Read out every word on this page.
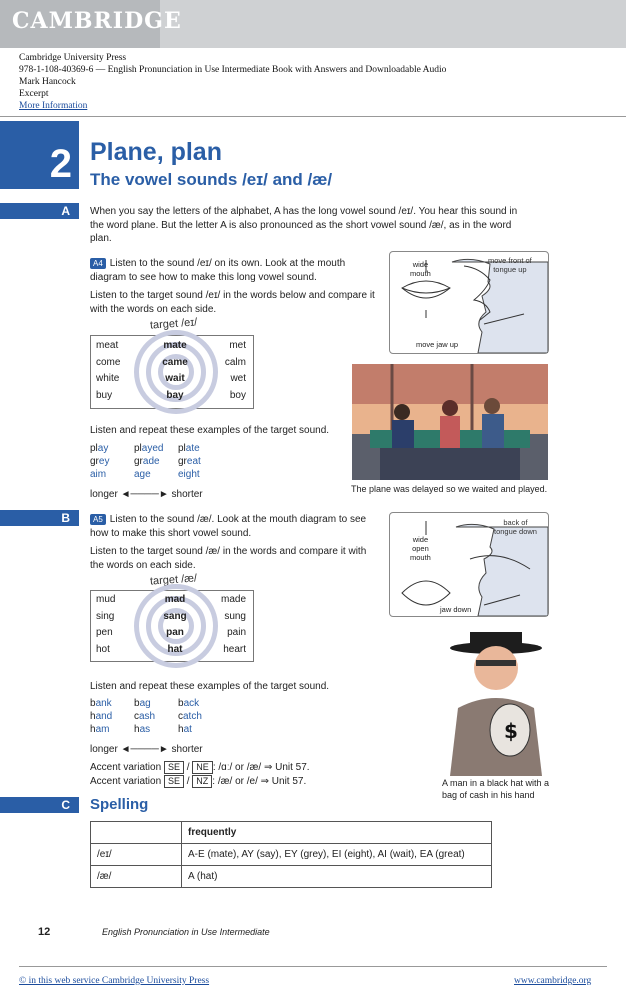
CAMBRIDGE
Cambridge University Press
978-1-108-40369-6 — English Pronunciation in Use Intermediate Book with Answers and Downloadable Audio
Mark Hancock
Excerpt
More Information
2 Plane, plan
The vowel sounds /eɪ/ and /æ/
A	When you say the letters of the alphabet, A has the long vowel sound /eɪ/. You hear this sound in the word plane. But the letter A is also pronounced as the short vowel sound /æ/, as in the word plan.
A4 Listen to the sound /eɪ/ on its own. Look at the mouth diagram to see how to make this long vowel sound.
Listen to the target sound /eɪ/ in the words below and compare it with the words on each side.
target /eɪ/
meat	mate	met
come	came	calm
white	wait	wet
buy	bay	boy
Listen and repeat these examples of the target sound.
play	played plate
grey grade great
aim	age	eight
longer ◄────► shorter
wide
mouth
move front of
tongue up
move jaw up
The plane was delayed so we waited and played.
B	A5 Listen to the sound /æ/. Look at the mouth diagram to see how to make this short vowel sound.
Listen to the target sound /æ/ in the words and compare it with the words on each side.
target /æ/
mud	mad	made
sing	sang	sung
pen	pan	pain
hot	hat	heart
Listen and repeat these examples of the target sound.
bank bag	back
hand cash catch
ham has	hat
longer ◄────► shorter
Accent variation SE / NE : /ɑː/ or /æ/ ⇒ Unit 57.
Accent variation SE / NZ : /æ/ or /e/ ⇒ Unit 57.
wide
open
mouth
back of
tongue down
jaw down
$
A man in a black hat with a bag of cash in his hand
C	Spelling
	frequently
/eɪ/	A-E (mate), AY (say), EY (grey), EI (eight), AI (wait), EA (great)
/æ/	A (hat)
12	English Pronunciation in Use Intermediate
© in this web service Cambridge University Press	www.cambridge.org
